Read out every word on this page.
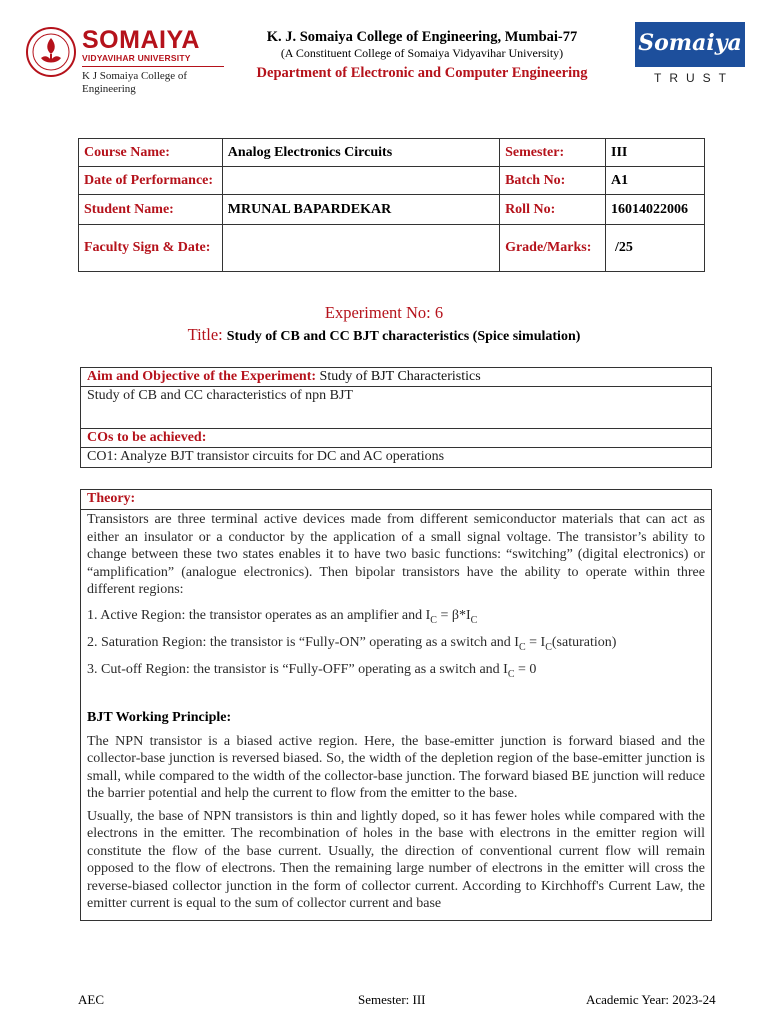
SOMAIYA
VIDYAVIHAR UNIVERSITY
K J Somaiya College of Engineering
K. J. Somaiya College of Engineering, Mumbai-77
(A Constituent College of Somaiya Vidyavihar University)
Department of Electronic and Computer Engineering
Somaiya
TRUST
Course Name:	Analog Electronics Circuits	Semester:	III
Date of Performance:		Batch No:	A1
Student Name:	MRUNAL BAPARDEKAR	Roll No:	16014022006
Faculty Sign & Date:		Grade/Marks:	/25
Experiment No: 6
Title: Study of CB and CC BJT characteristics (Spice simulation)
Aim and Objective of the Experiment: Study of BJT Characteristics
Study of CB and CC characteristics of npn BJT
COs to be achieved:
CO1: Analyze BJT transistor circuits for DC and AC operations
Theory:

Transistors are three terminal active devices made from different semiconductor materials that can act as either an insulator or a conductor by the application of a small signal voltage. The transistor’s ability to change between these two states enables it to have two basic functions: “switching” (digital electronics) or “amplification” (analogue electronics). Then bipolar transistors have the ability to operate within three different regions:

1. Active Region: the transistor operates as an amplifier and $I_C = \beta*I_C$

2. Saturation Region: the transistor is “Fully-ON” operating as a switch and $I_C$ = $I_C(saturation)$

3. Cut-off Region: the transistor is “Fully-OFF” operating as a switch and $I_C = 0$

BJT Working Principle:

The NPN transistor is a biased active region. Here, the base-emitter junction is forward biased and the collector-base junction is reversed biased. So, the width of the depletion region of the base-emitter junction is small, while compared to the width of the collector-base junction. The forward biased BE junction will reduce the barrier potential and help the current to flow from the emitter to the base.

Usually, the base of NPN transistors is thin and lightly doped, so it has fewer holes while compared with the electrons in the emitter. The recombination of holes in the base with electrons in the emitter region will constitute the flow of the base current. Usually, the direction of conventional current flow will remain opposed to the flow of electrons. Then the remaining large number of electrons in the emitter will cross the reverse-biased collector junction in the form of collector current. According to Kirchhoff's Current Law, the emitter current is equal to the sum of collector current and base

AEC	Semester: III	Academic Year: 2023-24
